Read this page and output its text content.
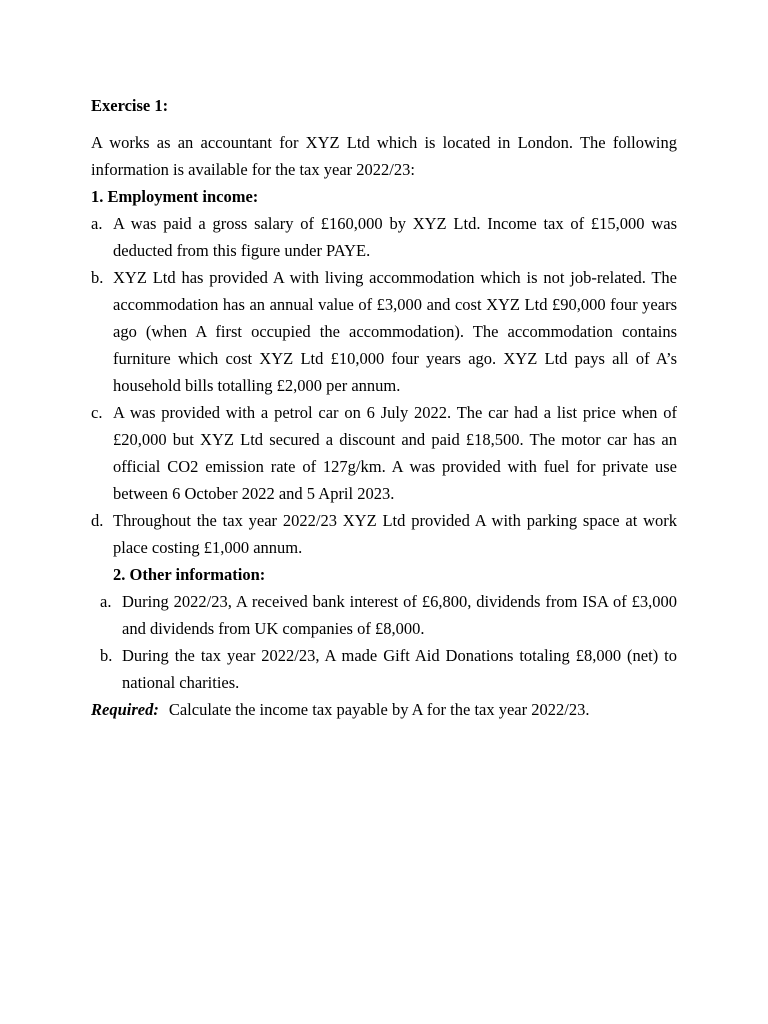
Exercise 1:

A works as an accountant for XYZ Ltd which is located in London. The following information is available for the tax year 2022/23:

1. Employment income:

a. A was paid a gross salary of £160,000 by XYZ Ltd. Income tax of £15,000 was deducted from this figure under PAYE.
b. XYZ Ltd has provided A with living accommodation which is not job-related. The accommodation has an annual value of £3,000 and cost XYZ Ltd £90,000 four years ago (when A first occupied the accommodation). The accommodation contains furniture which cost XYZ Ltd £10,000 four years ago. XYZ Ltd pays all of A’s household bills totalling £2,000 per annum.
c. A was provided with a petrol car on 6 July 2022. The car had a list price when of £20,000 but XYZ Ltd secured a discount and paid £18,500. The motor car has an official CO2 emission rate of 127g/km. A was provided with fuel for private use between 6 October 2022 and 5 April 2023.
d. Throughout the tax year 2022/23 XYZ Ltd provided A with parking space at work place costing £1,000 annum.

2. Other information:

a. During 2022/23, A received bank interest of £6,800, dividends from ISA of £3,000 and dividends from UK companies of £8,000.
b. During the tax year 2022/23, A made Gift Aid Donations totaling £8,000 (net) to national charities.

Required: Calculate the income tax payable by A for the tax year 2022/23.
